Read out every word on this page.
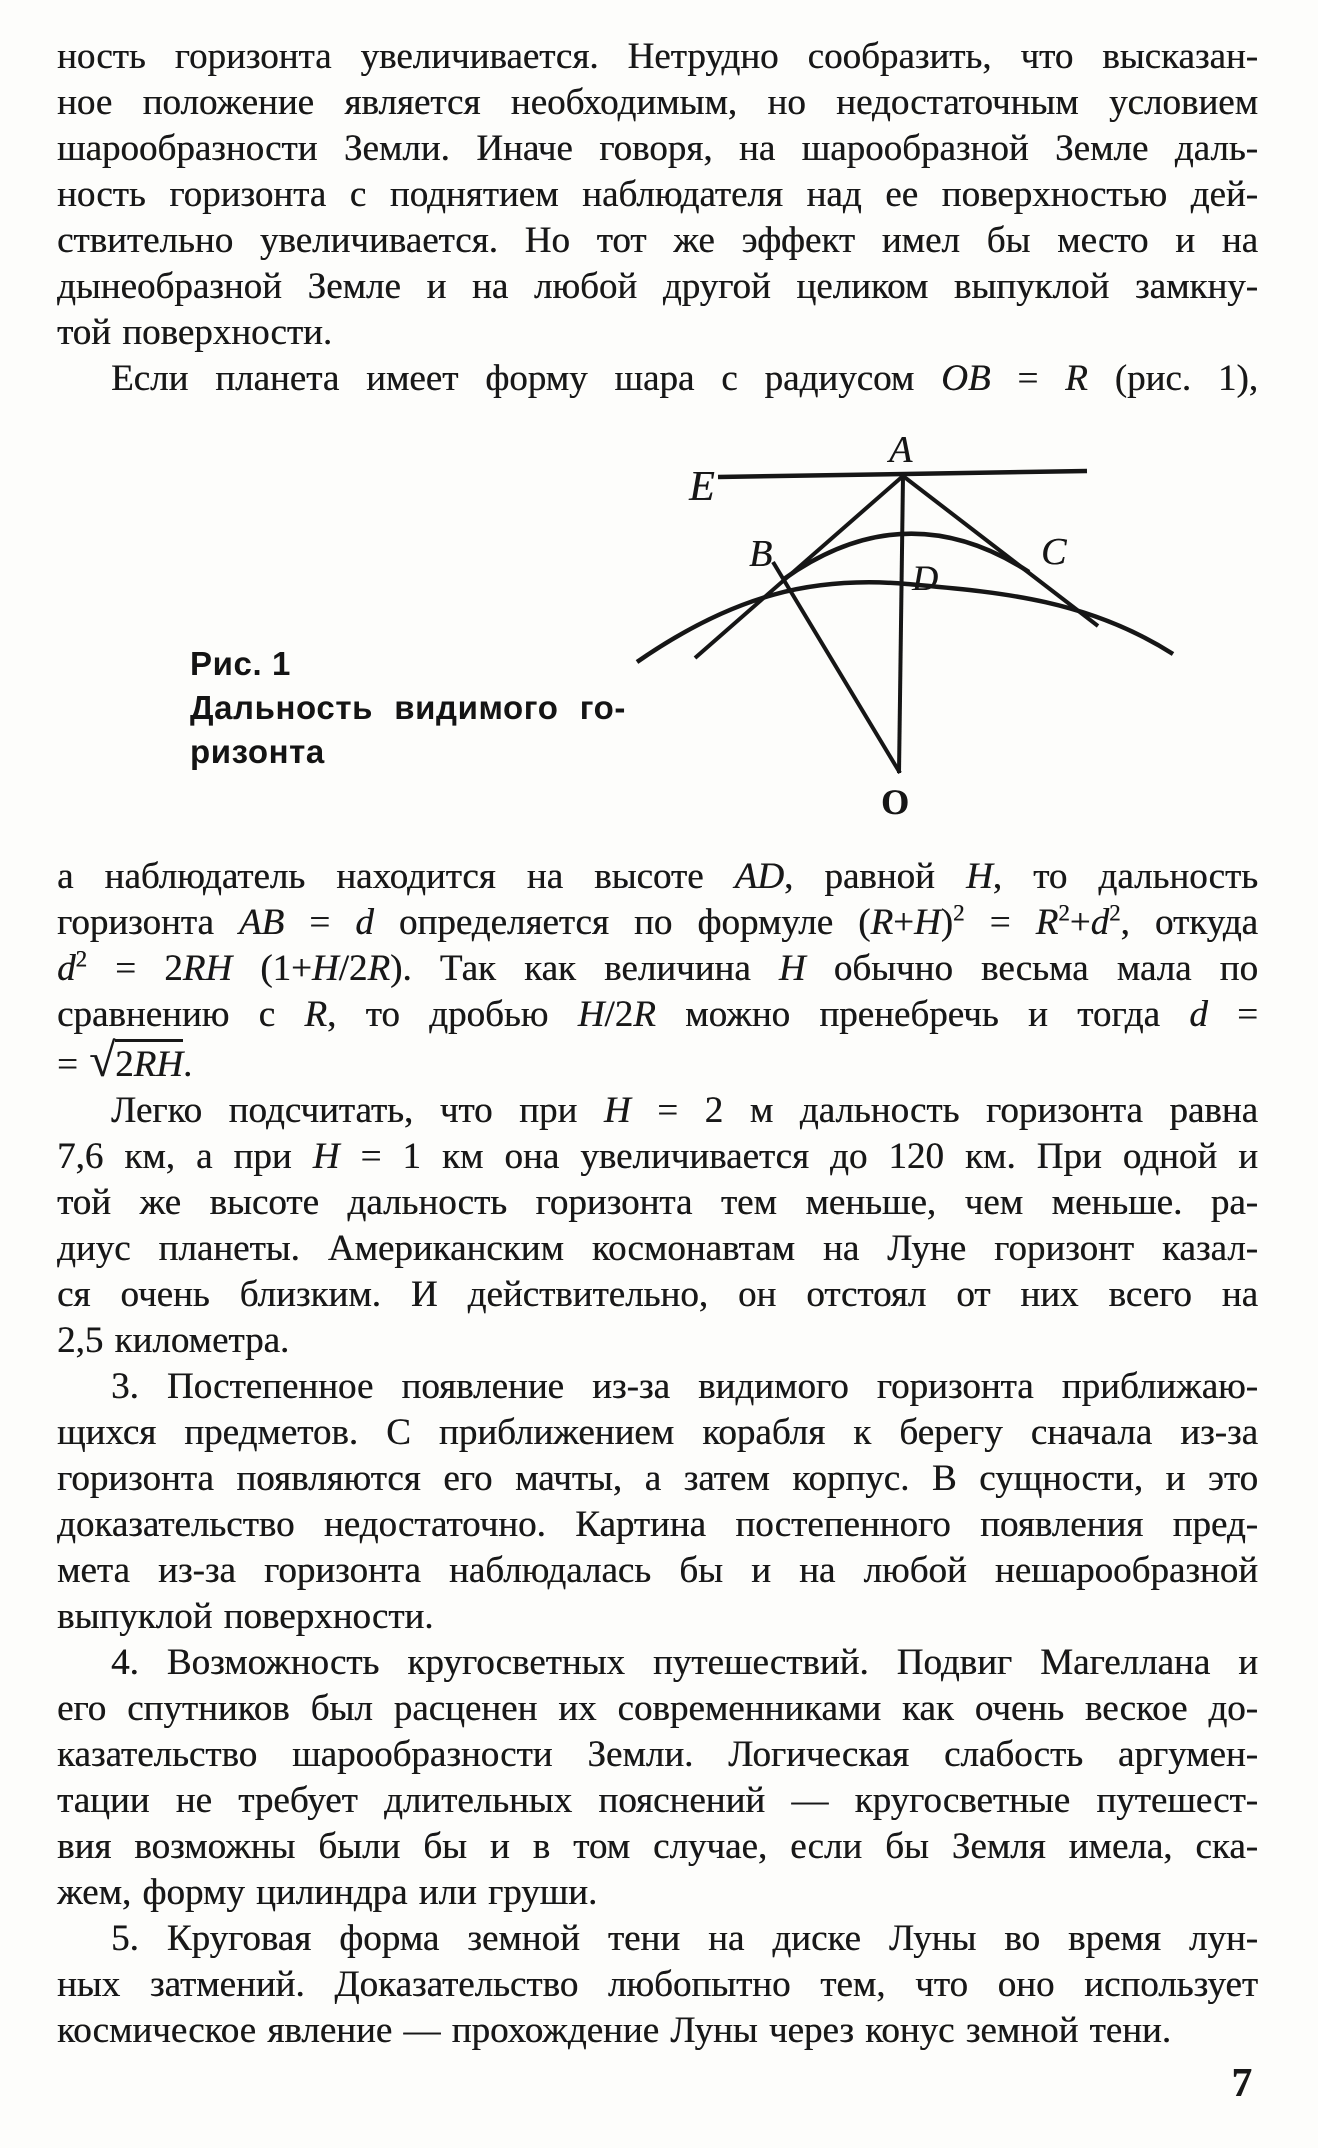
ность горизонта увеличивается. Нетрудно сообразить, что высказан-
ное положение является необходимым, но недостаточным условием
шарообразности Земли. Иначе говоря, на шарообразной Земле даль-
ность горизонта с поднятием наблюдателя над ее поверхностью дей-
ствительно увеличивается. Но тот же эффект имел бы место и на
дынеобразной Земле и на любой другой целиком выпуклой замкну-
той поверхности.
Если планета имеет форму шара с радиусом OB = R (рис. 1),
Рис. 1
Дальность видимого го-
ризонта
E
A
B	C
D
O
а наблюдатель находится на высоте AD, равной H, то дальность
горизонта AB = d определяется по формуле $(R+H)^2 = R^2+d^2$, откуда
$d^2 = 2RH$ (1+H/2R). Так как величина H обычно весьма мала по
сравнению с R, то дробью H/2R можно пренебречь и тогда d =
= √2RH.
Легко подсчитать, что при H = 2 м дальность горизонта равна
7,6 км, а при H = 1 км она увеличивается до 120 км. При одной и
той же высоте дальность горизонта тем меньше, чем меньше. ра-
диус планеты. Американским космонавтам на Луне горизонт казал-
ся очень близким. И действительно, он отстоял от них всего на
2,5 километра.
3. Постепенное появление из-за видимого горизонта приближаю-
щихся предметов. С приближением корабля к берегу сначала из-за
горизонта появляются его мачты, а затем корпус. В сущности, и это
доказательство недостаточно. Картина постепенного появления пред-
мета из-за горизонта наблюдалась бы и на любой нешарообразной
выпуклой поверхности.
4. Возможность кругосветных путешествий. Подвиг Магеллана и
его спутников был расценен их современниками как очень веское до-
казательство шарообразности Земли. Логическая слабость аргумен-
тации не требует длительных пояснений — кругосветные путешест-
вия возможны были бы и в том случае, если бы Земля имела, ска-
жем, форму цилиндра или груши.
5. Круговая форма земной тени на диске Луны во время лун-
ных затмений. Доказательство любопытно тем, что оно использует
космическое явление — прохождение Луны через конус земной тени.
7
